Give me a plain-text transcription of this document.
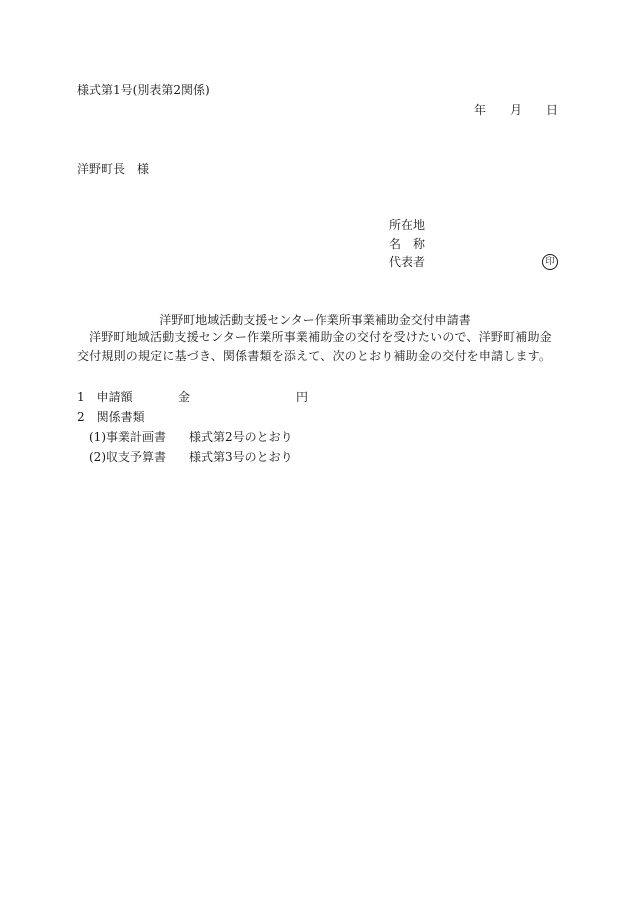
様式第1号(別表第2関係)
年 月 日
洋野町長 様
所在地
名　称
代表者	印
洋野町地域活動支援センター作業所事業補助金交付申請書
洋野町地域活動支援センター作業所事業補助金の交付を受けたいので、洋野町補助金交付規則の規定に基づき、関係書類を添えて、次のとおり補助金の交付を申請します。
1 申請額	金	円
2 関係書類
(1)事業計画書 様式第2号のとおり
(2)収支予算書 様式第3号のとおり
